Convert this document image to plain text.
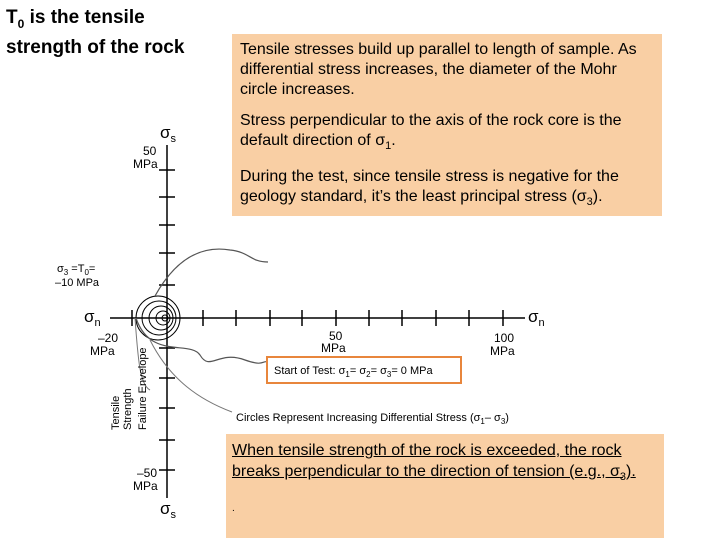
$T_0$ is the tensile strength of the rock
$\sigma_s$
50
MPa
$\sigma_s$
–50
MPa
$\sigma_n$	$\sigma_n$
50
MPa
100
MPa
–20
MPa
$\sigma_3 =T_0=$
–10 MPa
TensileStrength Failure Envelope	Circles Represent Increasing Differential Stress ($\sigma_1-$ $\sigma_3$)
Start of Test: $\sigma_1= \sigma_2= \sigma_3= 0$ MPa

Tensile stresses build up parallel to length of sample. As differential stress increases, the diameter of the Mohr circle increases.

Stress perpendicular to the axis of the rock core is the default direction of $\sigma_1$.

During the test, since tensile stress is negative for the geology standard, it’s the least principal stress $(\sigma_3)$.

When tensile strength of the rock is exceeded, the rock breaks perpendicular to the direction of tension (e.g., $\sigma_3$).
.
